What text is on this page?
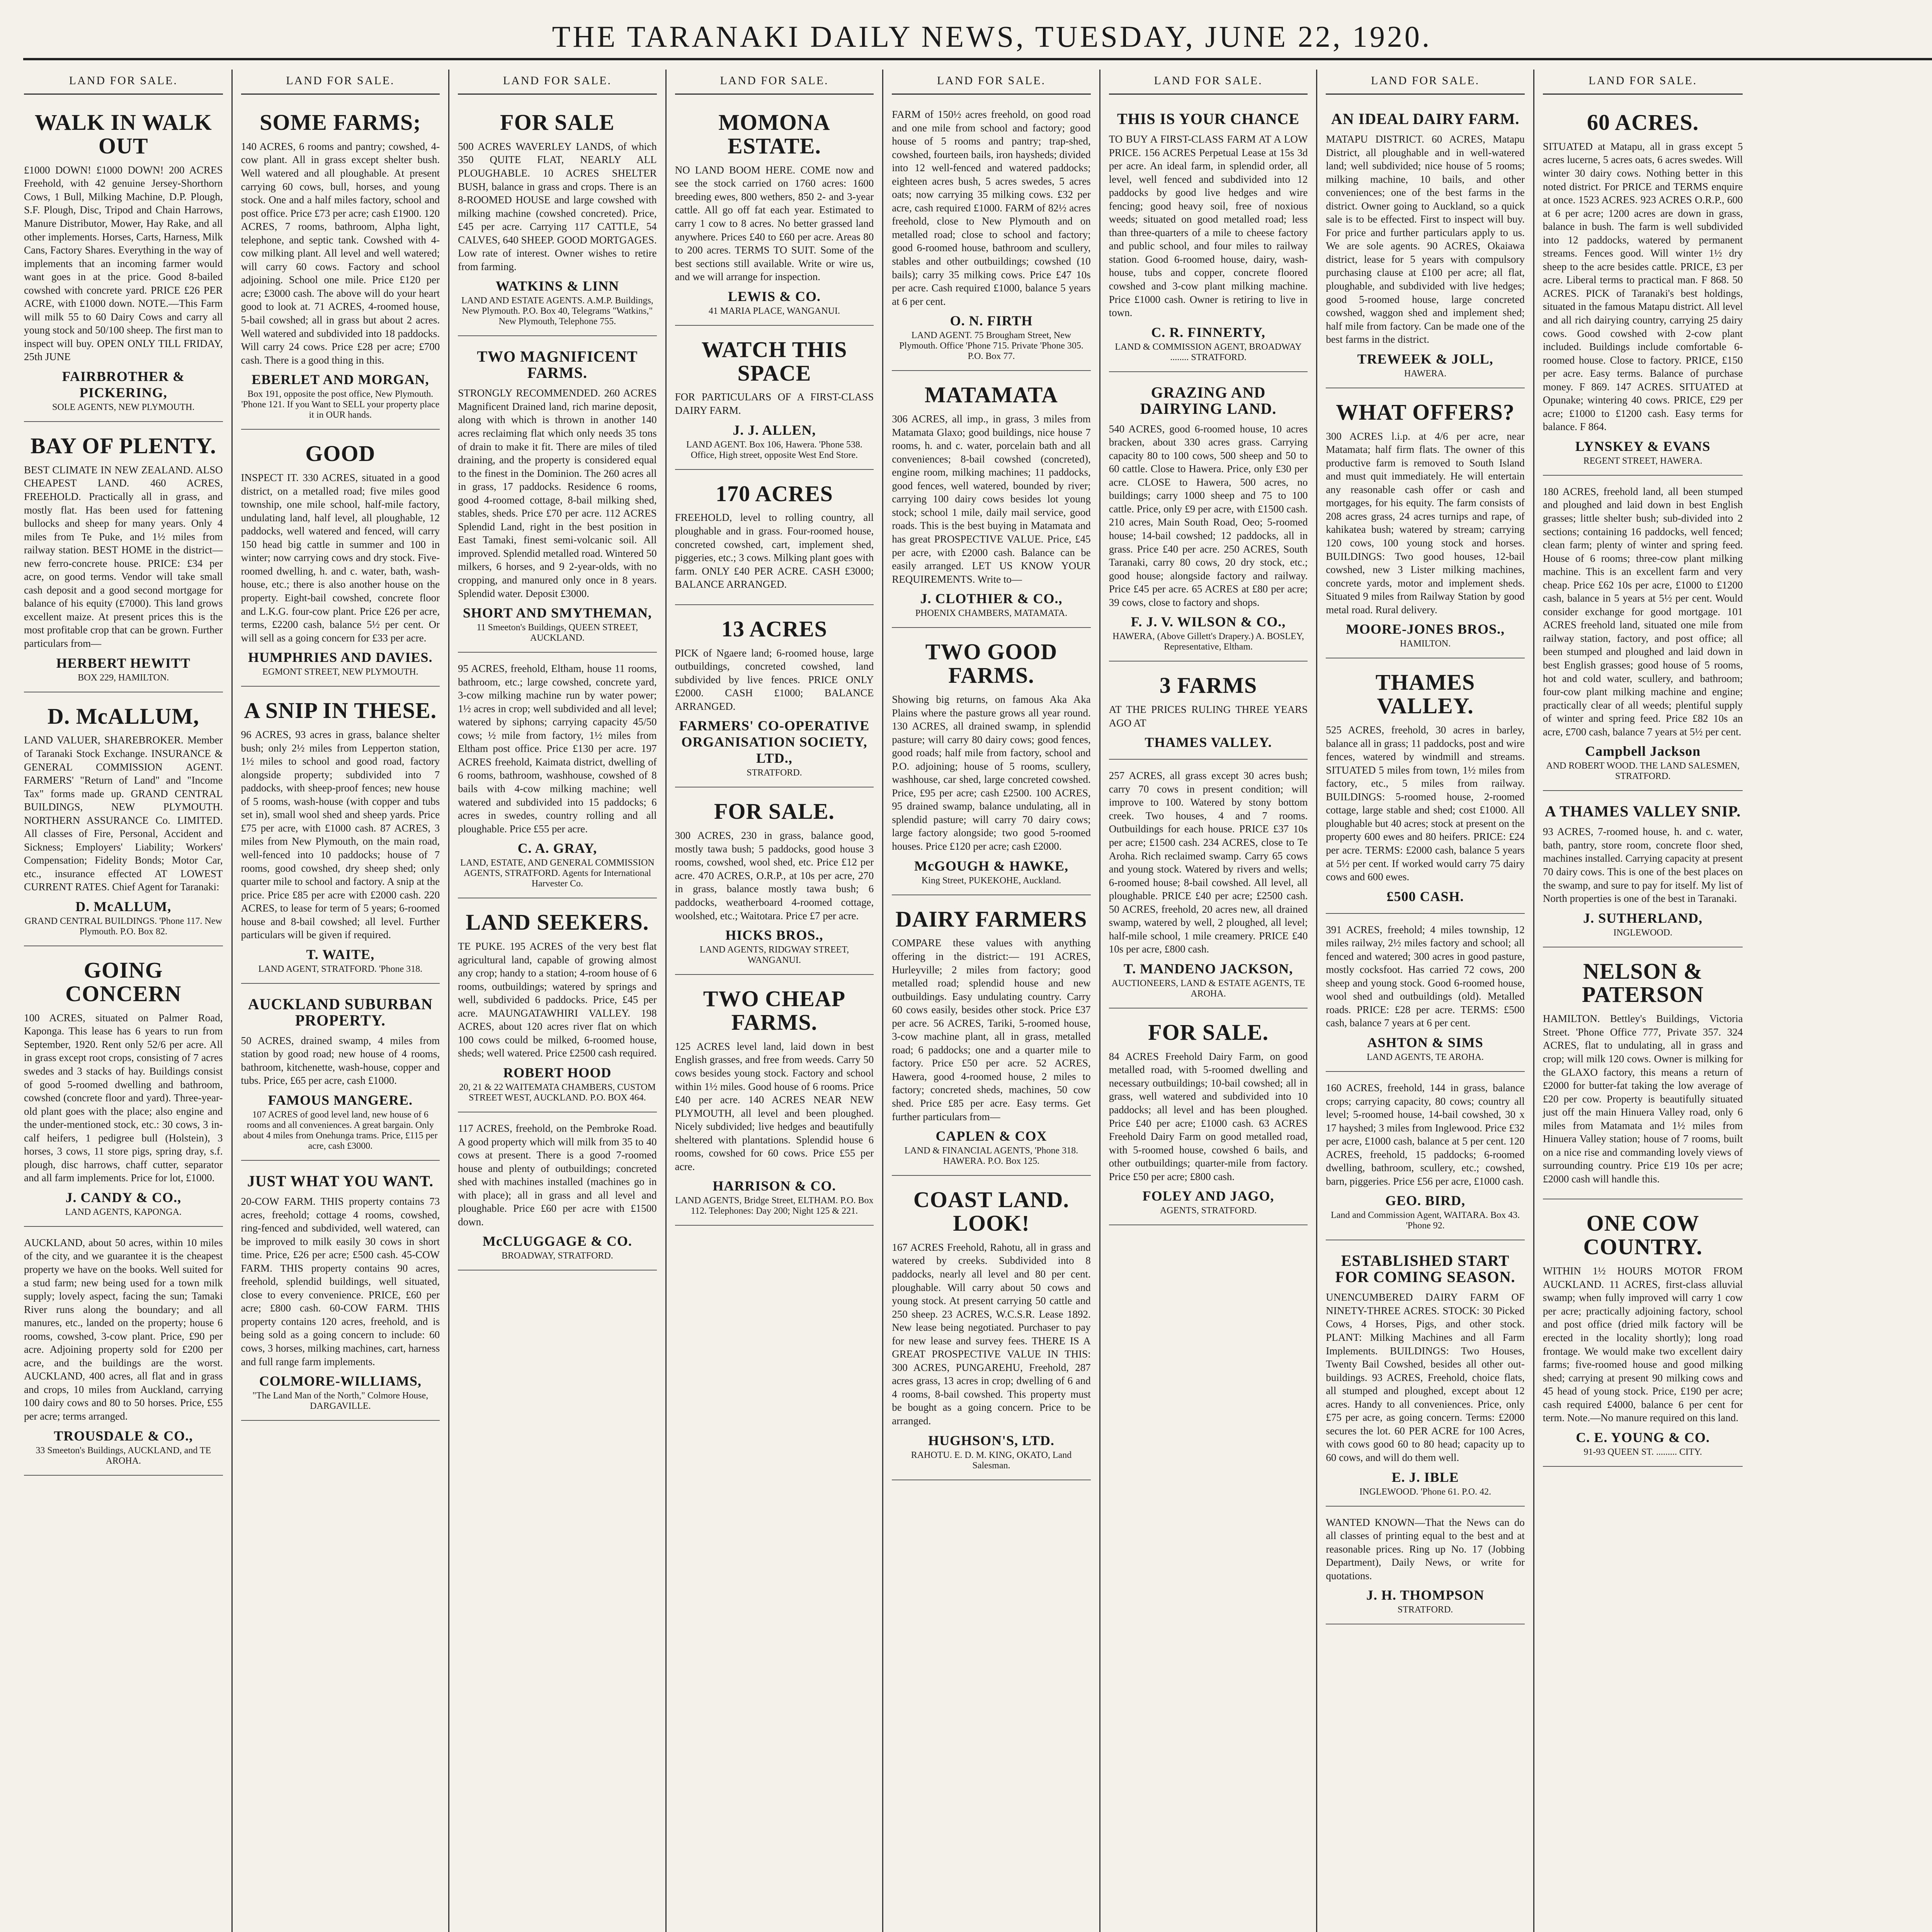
THE TARANAKI DAILY NEWS, TUESDAY, JUNE 22, 1920.
LAND FOR SALE.
WALK IN WALK OUT

£1000 DOWN! £1000 DOWN! 200 ACRES Freehold, with 42 genuine Jersey-Shorthorn Cows, 1 Bull, Milking Machine, D.P. Plough, S.F. Plough, Disc, Tripod and Chain Harrows, Manure Distributor, Mower, Hay Rake, and all other implements. Horses, Carts, Harness, Milk Cans, Factory Shares. Everything in the way of implements that an incoming farmer would want goes in at the price. Good 8-bailed cowshed with concrete yard. PRICE £26 PER ACRE, with £1000 down. NOTE.—This Farm will milk 55 to 60 Dairy Cows and carry all young stock and 50/100 sheep. The first man to inspect will buy. OPEN ONLY TILL FRIDAY, 25th JUNE

FAIRBROTHER & PICKERING,
SOLE AGENTS, NEW PLYMOUTH.
BAY OF PLENTY.

BEST CLIMATE IN NEW ZEALAND. ALSO CHEAPEST LAND. 460 ACRES, FREEHOLD. Practically all in grass, and mostly flat. Has been used for fattening bullocks and sheep for many years. Only 4 miles from Te Puke, and 1½ miles from railway station. BEST HOME in the district—new ferro-concrete house. PRICE: £34 per acre, on good terms. Vendor will take small cash deposit and a good second mortgage for balance of his equity (£7000). This land grows excellent maize. At present prices this is the most profitable crop that can be grown. Further particulars from—

HERBERT HEWITT
BOX 229, HAMILTON.
D. McALLUM,

LAND VALUER, SHAREBROKER. Member of Taranaki Stock Exchange. INSURANCE & GENERAL COMMISSION AGENT. FARMERS' "Return of Land" and "Income Tax" forms made up. GRAND CENTRAL BUILDINGS, NEW PLYMOUTH. NORTHERN ASSURANCE Co. LIMITED. All classes of Fire, Personal, Accident and Sickness; Employers' Liability; Workers' Compensation; Fidelity Bonds; Motor Car, etc., insurance effected AT LOWEST CURRENT RATES. Chief Agent for Taranaki:

D. McALLUM,
GRAND CENTRAL BUILDINGS. 'Phone 117. New Plymouth. P.O. Box 82.
GOING CONCERN

100 ACRES, situated on Palmer Road, Kaponga. This lease has 6 years to run from September, 1920. Rent only 52/6 per acre. All in grass except root crops, consisting of 7 acres swedes and 3 stacks of hay. Buildings consist of good 5-roomed dwelling and bathroom, cowshed (concrete floor and yard). Three-year-old plant goes with the place; also engine and the under-mentioned stock, etc.: 30 cows, 3 in-calf heifers, 1 pedigree bull (Holstein), 3 horses, 3 cows, 11 store pigs, spring dray, s.f. plough, disc harrows, chaff cutter, separator and all farm implements. Price for lot, £1000.

J. CANDY & CO.,
LAND AGENTS, KAPONGA.

AUCKLAND, about 50 acres, within 10 miles of the city, and we guarantee it is the cheapest property we have on the books. Well suited for a stud farm; new being used for a town milk supply; lovely aspect, facing the sun; Tamaki River runs along the boundary; and all manures, etc., landed on the property; house 6 rooms, cowshed, 3-cow plant. Price, £90 per acre. Adjoining property sold for £200 per acre, and the buildings are the worst. AUCKLAND, 400 acres, all flat and in grass and crops, 10 miles from Auckland, carrying 100 dairy cows and 80 to 50 horses. Price, £55 per acre; terms arranged.

TROUSDALE & CO.,
33 Smeeton's Buildings, AUCKLAND, and TE AROHA.
LAND FOR SALE.
SOME FARMS;

140 ACRES, 6 rooms and pantry; cowshed, 4-cow plant. All in grass except shelter bush. Well watered and all ploughable. At present carrying 60 cows, bull, horses, and young stock. One and a half miles factory, school and post office. Price £73 per acre; cash £1900. 120 ACRES, 7 rooms, bathroom, Alpha light, telephone, and septic tank. Cowshed with 4-cow milking plant. All level and well watered; will carry 60 cows. Factory and school adjoining. School one mile. Price £120 per acre; £3000 cash. The above will do your heart good to look at. 71 ACRES, 4-roomed house, 5-bail cowshed; all in grass but about 2 acres. Well watered and subdivided into 18 paddocks. Will carry 24 cows. Price £28 per acre; £700 cash. There is a good thing in this.

EBERLET AND MORGAN,
Box 191, opposite the post office, New Plymouth. 'Phone 121. If you Want to SELL your property place it in OUR hands.
GOOD

INSPECT IT. 330 ACRES, situated in a good district, on a metalled road; five miles good township, one mile school, half-mile factory, undulating land, half level, all ploughable, 12 paddocks, well watered and fenced, will carry 150 head big cattle in summer and 100 in winter; now carrying cows and dry stock. Five-roomed dwelling, h. and c. water, bath, wash-house, etc.; there is also another house on the property. Eight-bail cowshed, concrete floor and L.K.G. four-cow plant. Price £26 per acre, terms, £2200 cash, balance 5½ per cent. Or will sell as a going concern for £33 per acre.

HUMPHRIES AND DAVIES.
EGMONT STREET, NEW PLYMOUTH.
A SNIP IN THESE.

96 ACRES, 93 acres in grass, balance shelter bush; only 2½ miles from Lepperton station, 1½ miles to school and good road, factory alongside property; subdivided into 7 paddocks, with sheep-proof fences; new house of 5 rooms, wash-house (with copper and tubs set in), small wool shed and sheep yards. Price £75 per acre, with £1000 cash. 87 ACRES, 3 miles from New Plymouth, on the main road, well-fenced into 10 paddocks; house of 7 rooms, good cowshed, dry sheep shed; only quarter mile to school and factory. A snip at the price. Price £85 per acre with £2000 cash. 220 ACRES, to lease for term of 5 years; 6-roomed house and 8-bail cowshed; all level. Further particulars will be given if required.

T. WAITE,
LAND AGENT, STRATFORD. 'Phone 318.
AUCKLAND SUBURBAN PROPERTY.

50 ACRES, drained swamp, 4 miles from station by good road; new house of 4 rooms, bathroom, kitchenette, wash-house, copper and tubs. Price, £65 per acre, cash £1000.

FAMOUS MANGERE.
107 ACRES of good level land, new house of 6 rooms and all conveniences. A great bargain. Only about 4 miles from Onehunga trams. Price, £115 per acre, cash £3000.
JUST WHAT YOU WANT.

20-COW FARM. THIS property contains 73 acres, freehold; cottage 4 rooms, cowshed, ring-fenced and subdivided, well watered, can be improved to milk easily 30 cows in short time. Price, £26 per acre; £500 cash. 45-COW FARM. THIS property contains 90 acres, freehold, splendid buildings, well situated, close to every convenience. PRICE, £60 per acre; £800 cash. 60-COW FARM. THIS property contains 120 acres, freehold, and is being sold as a going concern to include: 60 cows, 3 horses, milking machines, cart, harness and full range farm implements.

COLMORE-WILLIAMS,
"The Land Man of the North," Colmore House, DARGAVILLE.
LAND FOR SALE.
FOR SALE

500 ACRES WAVERLEY LANDS, of which 350 QUITE FLAT, NEARLY ALL PLOUGHABLE. 10 ACRES SHELTER BUSH, balance in grass and crops. There is an 8-ROOMED HOUSE and large cowshed with milking machine (cowshed concreted). Price, £45 per acre. Carrying 117 CATTLE, 54 CALVES, 640 SHEEP. GOOD MORTGAGES. Low rate of interest. Owner wishes to retire from farming.

WATKINS & LINN
LAND AND ESTATE AGENTS. A.M.P. Buildings, New Plymouth. P.O. Box 40, Telegrams "Watkins," New Plymouth, Telephone 755.
TWO MAGNIFICENT FARMS.

STRONGLY RECOMMENDED. 260 ACRES Magnificent Drained land, rich marine deposit, along with which is thrown in another 140 acres reclaiming flat which only needs 35 tons of drain to make it fit. There are miles of tiled draining, and the property is considered equal to the finest in the Dominion. The 260 acres all in grass, 17 paddocks. Residence 6 rooms, good 4-roomed cottage, 8-bail milking shed, stables, sheds. Price £70 per acre. 112 ACRES Splendid Land, right in the best position in East Tamaki, finest semi-volcanic soil. All improved. Splendid metalled road. Wintered 50 milkers, 6 horses, and 9 2-year-olds, with no cropping, and manured only once in 8 years. Splendid water. Deposit £3000.

SHORT AND SMYTHEMAN,
11 Smeeton's Buildings, QUEEN STREET, AUCKLAND.

95 ACRES, freehold, Eltham, house 11 rooms, bathroom, etc.; large cowshed, concrete yard, 3-cow milking machine run by water power; 1½ acres in crop; well subdivided and all level; watered by siphons; carrying capacity 45/50 cows; ½ mile from factory, 1½ miles from Eltham post office. Price £130 per acre. 197 ACRES freehold, Kaimata district, dwelling of 6 rooms, bathroom, washhouse, cowshed of 8 bails with 4-cow milking machine; well watered and subdivided into 15 paddocks; 6 acres in swedes, country rolling and all ploughable. Price £55 per acre.

C. A. GRAY,
LAND, ESTATE, AND GENERAL COMMISSION AGENTS, STRATFORD. Agents for International Harvester Co.
LAND SEEKERS.

TE PUKE. 195 ACRES of the very best flat agricultural land, capable of growing almost any crop; handy to a station; 4-room house of 6 rooms, outbuildings; watered by springs and well, subdivided 6 paddocks. Price, £45 per acre. MAUNGATAWHIRI VALLEY. 198 ACRES, about 120 acres river flat on which 100 cows could be milked, 6-roomed house, sheds; well watered. Price £2500 cash required.

ROBERT HOOD
20, 21 & 22 WAITEMATA CHAMBERS, CUSTOM STREET WEST, AUCKLAND. P.O. BOX 464.

117 ACRES, freehold, on the Pembroke Road. A good property which will milk from 35 to 40 cows at present. There is a good 7-roomed house and plenty of outbuildings; concreted shed with machines installed (machines go in with place); all in grass and all level and ploughable. Price £60 per acre with £1500 down.

McCLUGGAGE & CO.
BROADWAY, STRATFORD.
LAND FOR SALE.
MOMONA ESTATE.

NO LAND BOOM HERE. COME now and see the stock carried on 1760 acres: 1600 breeding ewes, 800 wethers, 850 2- and 3-year cattle. All go off fat each year. Estimated to carry 1 cow to 8 acres. No better grassed land anywhere. Prices £40 to £60 per acre. Areas 80 to 200 acres. TERMS TO SUIT. Some of the best sections still available. Write or wire us, and we will arrange for inspection.

LEWIS & CO.
41 MARIA PLACE, WANGANUI.
WATCH THIS SPACE

FOR PARTICULARS OF A FIRST-CLASS DAIRY FARM.

J. J. ALLEN,
LAND AGENT. Box 106, Hawera. 'Phone 538. Office, High street, opposite West End Store.
170 ACRES

FREEHOLD, level to rolling country, all ploughable and in grass. Four-roomed house, concreted cowshed, cart, implement shed, piggeries, etc.; 3 cows. Milking plant goes with farm. ONLY £40 PER ACRE. CASH £3000; BALANCE ARRANGED.

13 ACRES

PICK of Ngaere land; 6-roomed house, large outbuildings, concreted cowshed, land subdivided by live fences. PRICE ONLY £2000. CASH £1000; BALANCE ARRANGED.

FARMERS' CO-OPERATIVE ORGANISATION SOCIETY, LTD.,
STRATFORD.
FOR SALE.

300 ACRES, 230 in grass, balance good, mostly tawa bush; 5 paddocks, good house 3 rooms, cowshed, wool shed, etc. Price £12 per acre. 470 ACRES, O.R.P., at 10s per acre, 270 in grass, balance mostly tawa bush; 6 paddocks, weatherboard 4-roomed cottage, woolshed, etc.; Waitotara. Price £7 per acre.

HICKS BROS.,
LAND AGENTS, RIDGWAY STREET, WANGANUI.
TWO CHEAP FARMS.

125 ACRES level land, laid down in best English grasses, and free from weeds. Carry 50 cows besides young stock. Factory and school within 1½ miles. Good house of 6 rooms. Price £40 per acre. 140 ACRES NEAR NEW PLYMOUTH, all level and been ploughed. Nicely subdivided; live hedges and beautifully sheltered with plantations. Splendid house 6 rooms, cowshed for 60 cows. Price £55 per acre.

HARRISON & CO.
LAND AGENTS, Bridge Street, ELTHAM. P.O. Box 112. Telephones: Day 200; Night 125 & 221.
LAND FOR SALE.

FARM of 150½ acres freehold, on good road and one mile from school and factory; good house of 5 rooms and pantry; trap-shed, cowshed, fourteen bails, iron haysheds; divided into 12 well-fenced and watered paddocks; eighteen acres bush, 5 acres swedes, 5 acres oats; now carrying 35 milking cows. £32 per acre, cash required £1000. FARM of 82½ acres freehold, close to New Plymouth and on metalled road; close to school and factory; good 6-roomed house, bathroom and scullery, stables and other outbuildings; cowshed (10 bails); carry 35 milking cows. Price £47 10s per acre. Cash required £1000, balance 5 years at 6 per cent.

O. N. FIRTH
LAND AGENT. 75 Brougham Street, New Plymouth. Office 'Phone 715. Private 'Phone 305. P.O. Box 77.
MATAMATA

306 ACRES, all imp., in grass, 3 miles from Matamata Glaxo; good buildings, nice house 7 rooms, h. and c. water, porcelain bath and all conveniences; 8-bail cowshed (concreted), engine room, milking machines; 11 paddocks, good fences, well watered, bounded by river; carrying 100 dairy cows besides lot young stock; school 1 mile, daily mail service, good roads. This is the best buying in Matamata and has great PROSPECTIVE VALUE. Price, £45 per acre, with £2000 cash. Balance can be easily arranged. LET US KNOW YOUR REQUIREMENTS. Write to—

J. CLOTHIER & CO.,
PHOENIX CHAMBERS, MATAMATA.
TWO GOOD FARMS.

Showing big returns, on famous Aka Aka Plains where the pasture grows all year round. 130 ACRES, all drained swamp, in splendid pasture; will carry 80 dairy cows; good fences, good roads; half mile from factory, school and P.O. adjoining; house of 5 rooms, scullery, washhouse, car shed, large concreted cowshed. Price, £95 per acre; cash £2500. 100 ACRES, 95 drained swamp, balance undulating, all in splendid pasture; will carry 70 dairy cows; large factory alongside; two good 5-roomed houses. Price £120 per acre; cash £2000.

McGOUGH & HAWKE,
King Street, PUKEKOHE, Auckland.
DAIRY FARMERS

COMPARE these values with anything offering in the district:— 191 ACRES, Hurleyville; 2 miles from factory; good metalled road; splendid house and new outbuildings. Easy undulating country. Carry 60 cows easily, besides other stock. Price £37 per acre. 56 ACRES, Tariki, 5-roomed house, 3-cow machine plant, all in grass, metalled road; 6 paddocks; one and a quarter mile to factory. Price £50 per acre. 52 ACRES, Hawera, good 4-roomed house, 2 miles to factory; concreted sheds, machines, 50 cow shed. Price £85 per acre. Easy terms. Get further particulars from—

CAPLEN & COX
LAND & FINANCIAL AGENTS, 'Phone 318. HAWERA. P.O. Box 125.
COAST LAND. LOOK!

167 ACRES Freehold, Rahotu, all in grass and watered by creeks. Subdivided into 8 paddocks, nearly all level and 80 per cent. ploughable. Will carry about 50 cows and young stock. At present carrying 50 cattle and 250 sheep. 23 ACRES, W.C.S.R. Lease 1892. New lease being negotiated. Purchaser to pay for new lease and survey fees. THERE IS A GREAT PROSPECTIVE VALUE IN THIS: 300 ACRES, PUNGAREHU, Freehold, 287 acres grass, 13 acres in crop; dwelling of 6 and 4 rooms, 8-bail cowshed. This property must be bought as a going concern. Price to be arranged.

HUGHSON'S, LTD.
RAHOTU. E. D. M. KING, OKATO, Land Salesman.
LAND FOR SALE.
THIS IS YOUR CHANCE

TO BUY A FIRST-CLASS FARM AT A LOW PRICE. 156 ACRES Perpetual Lease at 15s 3d per acre. An ideal farm, in splendid order, all level, well fenced and subdivided into 12 paddocks by good live hedges and wire fencing; good heavy soil, free of noxious weeds; situated on good metalled road; less than three-quarters of a mile to cheese factory and public school, and four miles to railway station. Good 6-roomed house, dairy, wash-house, tubs and copper, concrete floored cowshed and 3-cow plant milking machine. Price £1000 cash. Owner is retiring to live in town.

C. R. FINNERTY,
LAND & COMMISSION AGENT, BROADWAY ........ STRATFORD.
GRAZING AND DAIRYING LAND.

540 ACRES, good 6-roomed house, 10 acres bracken, about 330 acres grass. Carrying capacity 80 to 100 cows, 500 sheep and 50 to 60 cattle. Close to Hawera. Price, only £30 per acre. CLOSE to Hawera, 500 acres, no buildings; carry 1000 sheep and 75 to 100 cattle. Price, only £9 per acre, with £1500 cash. 210 acres, Main South Road, Oeo; 5-roomed house; 14-bail cowshed; 12 paddocks, all in grass. Price £40 per acre. 250 ACRES, South Taranaki, carry 80 cows, 20 dry stock, etc.; good house; alongside factory and railway. Price £45 per acre. 65 ACRES at £80 per acre; 39 cows, close to factory and shops.

F. J. V. WILSON & CO.,
HAWERA, (Above Gillett's Drapery.) A. BOSLEY, Representative, Eltham.
3 FARMS

AT THE PRICES RULING THREE YEARS AGO AT

THAMES VALLEY.

257 ACRES, all grass except 30 acres bush; carry 70 cows in present condition; will improve to 100. Watered by stony bottom creek. Two houses, 4 and 7 rooms. Outbuildings for each house. PRICE £37 10s per acre; £1500 cash. 234 ACRES, close to Te Aroha. Rich reclaimed swamp. Carry 65 cows and young stock. Watered by rivers and wells; 6-roomed house; 8-bail cowshed. All level, all ploughable. PRICE £40 per acre; £2500 cash. 50 ACRES, freehold, 20 acres new, all drained swamp, watered by well, 2 ploughed, all level; half-mile school, 1 mile creamery. PRICE £40 10s per acre, £800 cash.

T. MANDENO JACKSON,
AUCTIONEERS, LAND & ESTATE AGENTS, TE AROHA.
FOR SALE.

84 ACRES Freehold Dairy Farm, on good metalled road, with 5-roomed dwelling and necessary outbuildings; 10-bail cowshed; all in grass, well watered and subdivided into 10 paddocks; all level and has been ploughed. Price £40 per acre; £1000 cash. 63 ACRES Freehold Dairy Farm on good metalled road, with 5-roomed house, cowshed 6 bails, and other outbuildings; quarter-mile from factory. Price £50 per acre; £800 cash.

FOLEY AND JAGO,
AGENTS, STRATFORD.
LAND FOR SALE.
AN IDEAL DAIRY FARM.

MATAPU DISTRICT. 60 ACRES, Matapu District, all ploughable and in well-watered land; well subdivided; nice house of 5 rooms; milking machine, 10 bails, and other conveniences; one of the best farms in the district. Owner going to Auckland, so a quick sale is to be effected. First to inspect will buy. For price and further particulars apply to us. We are sole agents. 90 ACRES, Okaiawa district, lease for 5 years with compulsory purchasing clause at £100 per acre; all flat, ploughable, and subdivided with live hedges; good 5-roomed house, large concreted cowshed, waggon shed and implement shed; half mile from factory. Can be made one of the best farms in the district.

TREWEEK & JOLL,
HAWERA.
WHAT OFFERS?

300 ACRES l.i.p. at 4/6 per acre, near Matamata; half firm flats. The owner of this productive farm is removed to South Island and must quit immediately. He will entertain any reasonable cash offer or cash and mortgages, for his equity. The farm consists of 208 acres grass, 24 acres turnips and rape, of kahikatea bush; watered by stream; carrying 120 cows, 100 young stock and horses. BUILDINGS: Two good houses, 12-bail cowshed, new 3 Lister milking machines, concrete yards, motor and implement sheds. Situated 9 miles from Railway Station by good metal road. Rural delivery.

MOORE-JONES BROS.,
HAMILTON.
THAMES VALLEY.

525 ACRES, freehold, 30 acres in barley, balance all in grass; 11 paddocks, post and wire fences, watered by windmill and streams. SITUATED 5 miles from town, 1½ miles from factory, etc., 5 miles from railway. BUILDINGS: 5-roomed house, 2-roomed cottage, large stable and shed; cost £1000. All ploughable but 40 acres; stock at present on the property 600 ewes and 80 heifers. PRICE: £24 per acre. TERMS: £2000 cash, balance 5 years at 5½ per cent. If worked would carry 75 dairy cows and 600 ewes.

£500 CASH.

391 ACRES, freehold; 4 miles township, 12 miles railway, 2½ miles factory and school; all fenced and watered; 300 acres in good pasture, mostly cocksfoot. Has carried 72 cows, 200 sheep and young stock. Good 6-roomed house, wool shed and outbuildings (old). Metalled roads. PRICE: £28 per acre. TERMS: £500 cash, balance 7 years at 6 per cent.

ASHTON & SIMS
LAND AGENTS, TE AROHA.

160 ACRES, freehold, 144 in grass, balance crops; carrying capacity, 80 cows; country all level; 5-roomed house, 14-bail cowshed, 30 x 17 hayshed; 3 miles from Inglewood. Price £32 per acre, £1000 cash, balance at 5 per cent. 120 ACRES, freehold, 15 paddocks; 6-roomed dwelling, bathroom, scullery, etc.; cowshed, barn, piggeries. Price £56 per acre, £1000 cash.

GEO. BIRD,
Land and Commission Agent, WAITARA. Box 43. 'Phone 92.
ESTABLISHED START FOR COMING SEASON.

UNENCUMBERED DAIRY FARM OF NINETY-THREE ACRES. STOCK: 30 Picked Cows, 4 Horses, Pigs, and other stock. PLANT: Milking Machines and all Farm Implements. BUILDINGS: Two Houses, Twenty Bail Cowshed, besides all other out-buildings. 93 ACRES, Freehold, choice flats, all stumped and ploughed, except about 12 acres. Handy to all conveniences. Price, only £75 per acre, as going concern. Terms: £2000 secures the lot. 60 PER ACRE for 100 Acres, with cows good 60 to 80 head; capacity up to 60 cows, and will do them well.

E. J. IBLE
INGLEWOOD. 'Phone 61. P.O. 42.

WANTED KNOWN—That the News can do all classes of printing equal to the best and at reasonable prices. Ring up No. 17 (Jobbing Department), Daily News, or write for quotations.

J. H. THOMPSON
STRATFORD.
LAND FOR SALE.
60 ACRES.

SITUATED at Matapu, all in grass except 5 acres lucerne, 5 acres oats, 6 acres swedes. Will winter 30 dairy cows. Nothing better in this noted district. For PRICE and TERMS enquire at once. 1523 ACRES. 923 ACRES O.R.P., 600 at 6 per acre; 1200 acres are down in grass, balance in bush. The farm is well subdivided into 12 paddocks, watered by permanent streams. Fences good. Will winter 1½ dry sheep to the acre besides cattle. PRICE, £3 per acre. Liberal terms to practical man. F 868. 50 ACRES. PICK of Taranaki's best holdings, situated in the famous Matapu district. All level and all rich dairying country, carrying 25 dairy cows. Good cowshed with 2-cow plant included. Buildings include comfortable 6-roomed house. Close to factory. PRICE, £150 per acre. Easy terms. Balance of purchase money. F 869. 147 ACRES. SITUATED at Opunake; wintering 40 cows. PRICE, £29 per acre; £1000 to £1200 cash. Easy terms for balance. F 864.

LYNSKEY & EVANS
REGENT STREET, HAWERA.

180 ACRES, freehold land, all been stumped and ploughed and laid down in best English grasses; little shelter bush; sub-divided into 2 sections; containing 16 paddocks, well fenced; clean farm; plenty of winter and spring feed. House of 6 rooms; three-cow plant milking machine. This is an excellent farm and very cheap. Price £62 10s per acre, £1000 to £1200 cash, balance in 5 years at 5½ per cent. Would consider exchange for good mortgage. 101 ACRES freehold land, situated one mile from railway station, factory, and post office; all been stumped and ploughed and laid down in best English grasses; good house of 5 rooms, hot and cold water, scullery, and bathroom; four-cow plant milking machine and engine; practically clear of all weeds; plentiful supply of winter and spring feed. Price £82 10s an acre, £700 cash, balance 7 years at 5½ per cent.

Campbell Jackson
AND ROBERT WOOD. THE LAND SALESMEN, STRATFORD.
A THAMES VALLEY SNIP.

93 ACRES, 7-roomed house, h. and c. water, bath, pantry, store room, concrete floor shed, machines installed. Carrying capacity at present 70 dairy cows. This is one of the best places on the swamp, and sure to pay for itself. My list of North properties is one of the best in Taranaki.

J. SUTHERLAND,
INGLEWOOD.
NELSON & PATERSON

HAMILTON. Bettley's Buildings, Victoria Street. 'Phone Office 777, Private 357. 324 ACRES, flat to undulating, all in grass and crop; will milk 120 cows. Owner is milking for the GLAXO factory, this means a return of £2000 for butter-fat taking the low average of £20 per cow. Property is beautifully situated just off the main Hinuera Valley road, only 6 miles from Matamata and 1½ miles from Hinuera Valley station; house of 7 rooms, built on a nice rise and commanding lovely views of surrounding country. Price £19 10s per acre; £2000 cash will handle this.

ONE COW COUNTRY.

WITHIN 1½ HOURS MOTOR FROM AUCKLAND. 11 ACRES, first-class alluvial swamp; when fully improved will carry 1 cow per acre; practically adjoining factory, school and post office (dried milk factory will be erected in the locality shortly); long road frontage. We would make two excellent dairy farms; five-roomed house and good milking shed; carrying at present 90 milking cows and 45 head of young stock. Price, £190 per acre; cash required £4000, balance 6 per cent for term. Note.—No manure required on this land.

C. E. YOUNG & CO.
91-93 QUEEN ST. ......... CITY.
